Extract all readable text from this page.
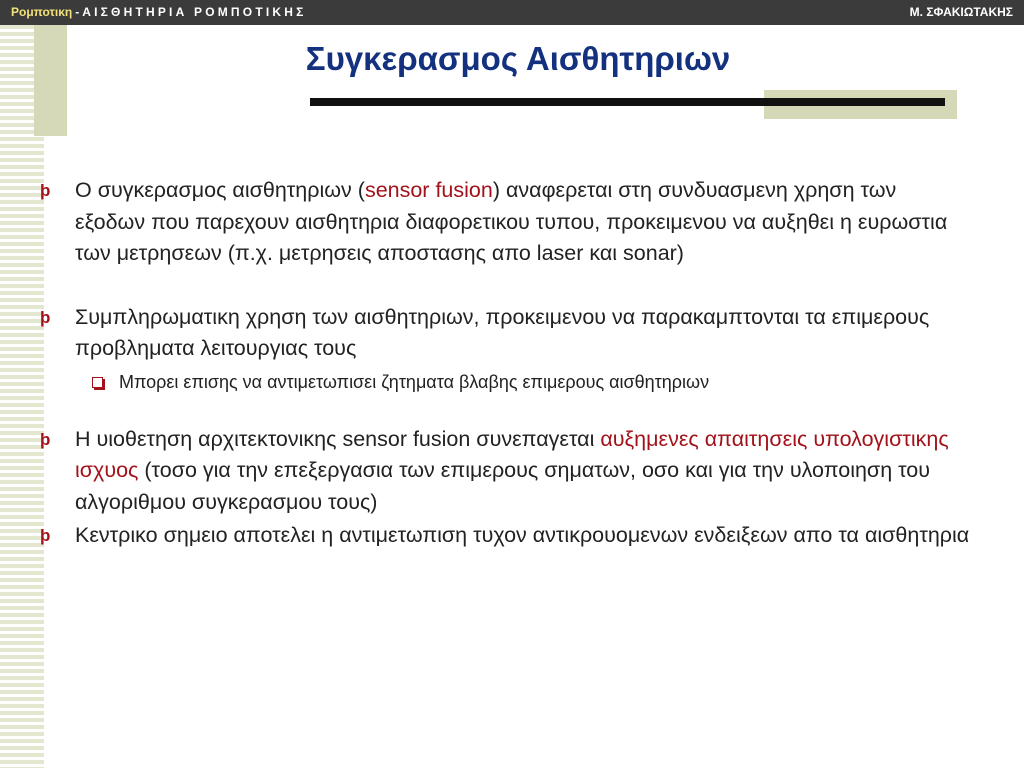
Ρομποτικη - ΑΙΣΘΗΤΗΡΙΑ ΡΟΜΠΟΤΙΚΗΣ	Μ. ΣΦΑΚΙΩΤΑΚΗΣ
Συγκερασμος Αισθητηριων
þ	Ο συγκερασμος αισθητηριων (sensor fusion) αναφερεται στη συνδυασμενη χρηση των εξοδων που παρεχουν αισθητηρια διαφορετικου τυπου, προκειμενου να αυξηθει η ευρωστια των μετρησεων (π.χ. μετρησεις αποστασης απο laser και sonar)
þ	Συμπληρωματικη χρηση των αισθητηριων, προκειμενου να παρακαμπτονται τα επιμερους προβληματα λειτουργιας τους
Μπορει επισης να αντιμετωπισει ζητηματα βλαβης επιμερους αισθητηριων
þ	Η υιοθετηση αρχιτεκτονικης sensor fusion συνεπαγεται αυξημενες απαιτησεις υπολογιστικης ισχυος (τοσο για την επεξεργασια των επιμερους σηματων, οσο και για την υλοποιηση του αλγοριθμου συγκερασμου τους)
þ	Κεντρικο σημειο αποτελει η αντιμετωπιση τυχον αντικρουομενων ενδειξεων απο τα αισθητηρια
